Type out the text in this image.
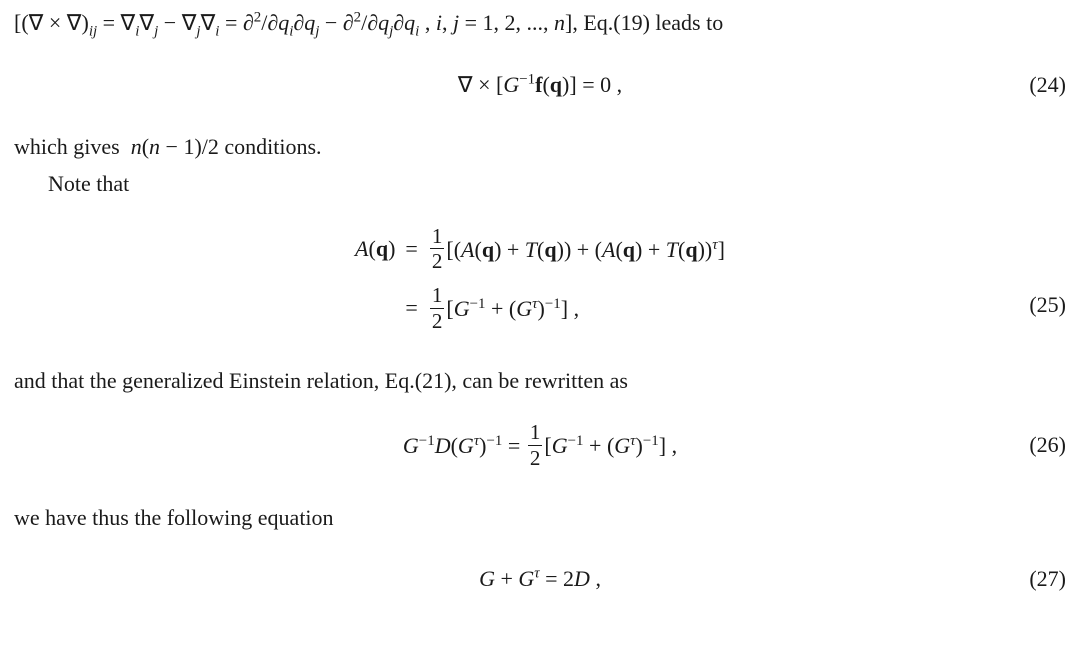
[(∇ × $\nabla)_{ij} = \nabla_i\nabla_j - \nabla_j\nabla_i = \partial^2/\partial q_i\partial q_j - \partial^2/\partial q_j\partial q_i$ , i, j = 1, 2, ..., n], Eq.(19) leads to

∇ × $[G^{-1}f(q)] = 0$ ,	(24)

which gives n(n − 1)/2 conditions.

Note that

$A(q) = \frac{1}{2} [(A(q) + T(q)) + (A(q) + T(q))^\tau]$
= $\frac{1}{2} [G^{-1} + (G^\tau)^{-1}]$ ,	(25)

and that the generalized Einstein relation, Eq.(21), can be rewritten as

$G^{-1}D(G^\tau)^{-1} = \frac{1}{2} [G^{-1} + (G^\tau)^{-1}]$ ,	(26)

we have thus the following equation

$G + G^\tau = 2D$ ,	(27)
